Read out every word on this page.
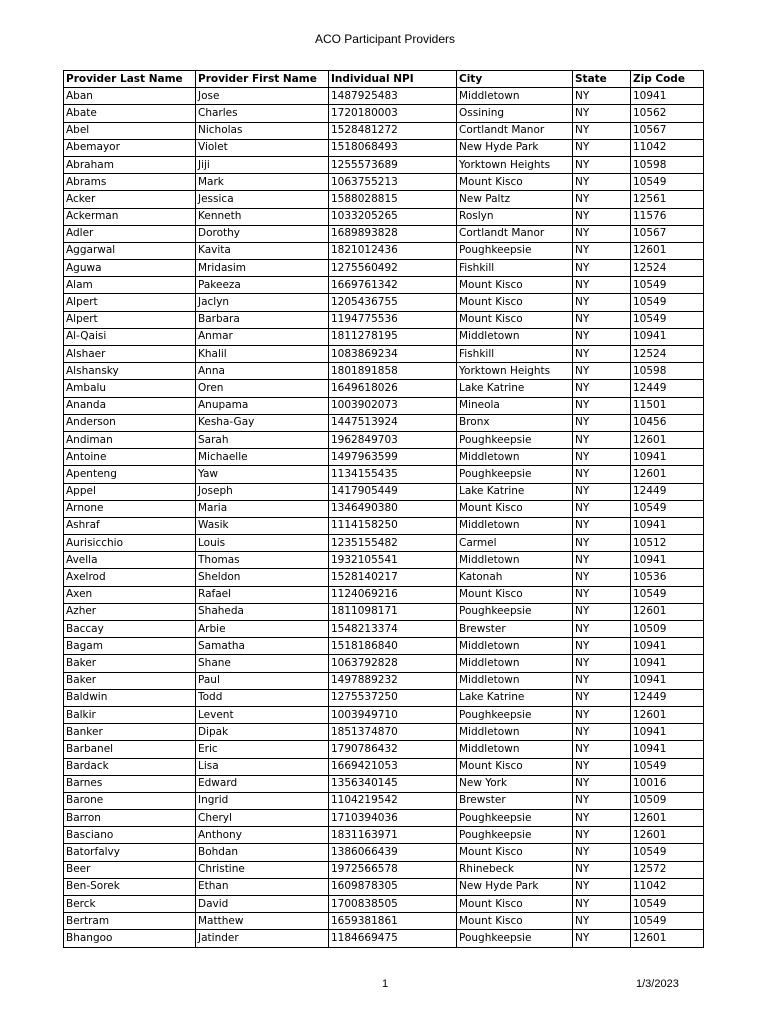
ACO Participant Providers
Provider Last Name	Provider First Name	Individual NPI	City	State	Zip Code
Aban	Jose	1487925483	Middletown	NY	10941
Abate	Charles	1720180003	Ossining	NY	10562
Abel	Nicholas	1528481272	Cortlandt Manor	NY	10567
Abemayor	Violet	1518068493	New Hyde Park	NY	11042
Abraham	Jiji	1255573689	Yorktown Heights	NY	10598
Abrams	Mark	1063755213	Mount Kisco	NY	10549
Acker	Jessica	1588028815	New Paltz	NY	12561
Ackerman	Kenneth	1033205265	Roslyn	NY	11576
Adler	Dorothy	1689893828	Cortlandt Manor	NY	10567
Aggarwal	Kavita	1821012436	Poughkeepsie	NY	12601
Aguwa	Mridasim	1275560492	Fishkill	NY	12524
Alam	Pakeeza	1669761342	Mount Kisco	NY	10549
Alpert	Jaclyn	1205436755	Mount Kisco	NY	10549
Alpert	Barbara	1194775536	Mount Kisco	NY	10549
Al-Qaisi	Anmar	1811278195	Middletown	NY	10941
Alshaer	Khalil	1083869234	Fishkill	NY	12524
Alshansky	Anna	1801891858	Yorktown Heights	NY	10598
Ambalu	Oren	1649618026	Lake Katrine	NY	12449
Ananda	Anupama	1003902073	Mineola	NY	11501
Anderson	Kesha-Gay	1447513924	Bronx	NY	10456
Andiman	Sarah	1962849703	Poughkeepsie	NY	12601
Antoine	Michaelle	1497963599	Middletown	NY	10941
Apenteng	Yaw	1134155435	Poughkeepsie	NY	12601
Appel	Joseph	1417905449	Lake Katrine	NY	12449
Arnone	Maria	1346490380	Mount Kisco	NY	10549
Ashraf	Wasik	1114158250	Middletown	NY	10941
Aurisicchio	Louis	1235155482	Carmel	NY	10512
Avella	Thomas	1932105541	Middletown	NY	10941
Axelrod	Sheldon	1528140217	Katonah	NY	10536
Axen	Rafael	1124069216	Mount Kisco	NY	10549
Azher	Shaheda	1811098171	Poughkeepsie	NY	12601
Baccay	Arbie	1548213374	Brewster	NY	10509
Bagam	Samatha	1518186840	Middletown	NY	10941
Baker	Shane	1063792828	Middletown	NY	10941
Baker	Paul	1497889232	Middletown	NY	10941
Baldwin	Todd	1275537250	Lake Katrine	NY	12449
Balkir	Levent	1003949710	Poughkeepsie	NY	12601
Banker	Dipak	1851374870	Middletown	NY	10941
Barbanel	Eric	1790786432	Middletown	NY	10941
Bardack	Lisa	1669421053	Mount Kisco	NY	10549
Barnes	Edward	1356340145	New York	NY	10016
Barone	Ingrid	1104219542	Brewster	NY	10509
Barron	Cheryl	1710394036	Poughkeepsie	NY	12601
Basciano	Anthony	1831163971	Poughkeepsie	NY	12601
Batorfalvy	Bohdan	1386066439	Mount Kisco	NY	10549
Beer	Christine	1972566578	Rhinebeck	NY	12572
Ben-Sorek	Ethan	1609878305	New Hyde Park	NY	11042
Berck	David	1700838505	Mount Kisco	NY	10549
Bertram	Matthew	1659381861	Mount Kisco	NY	10549
Bhangoo	Jatinder	1184669475	Poughkeepsie	NY	12601
1	1/3/2023
